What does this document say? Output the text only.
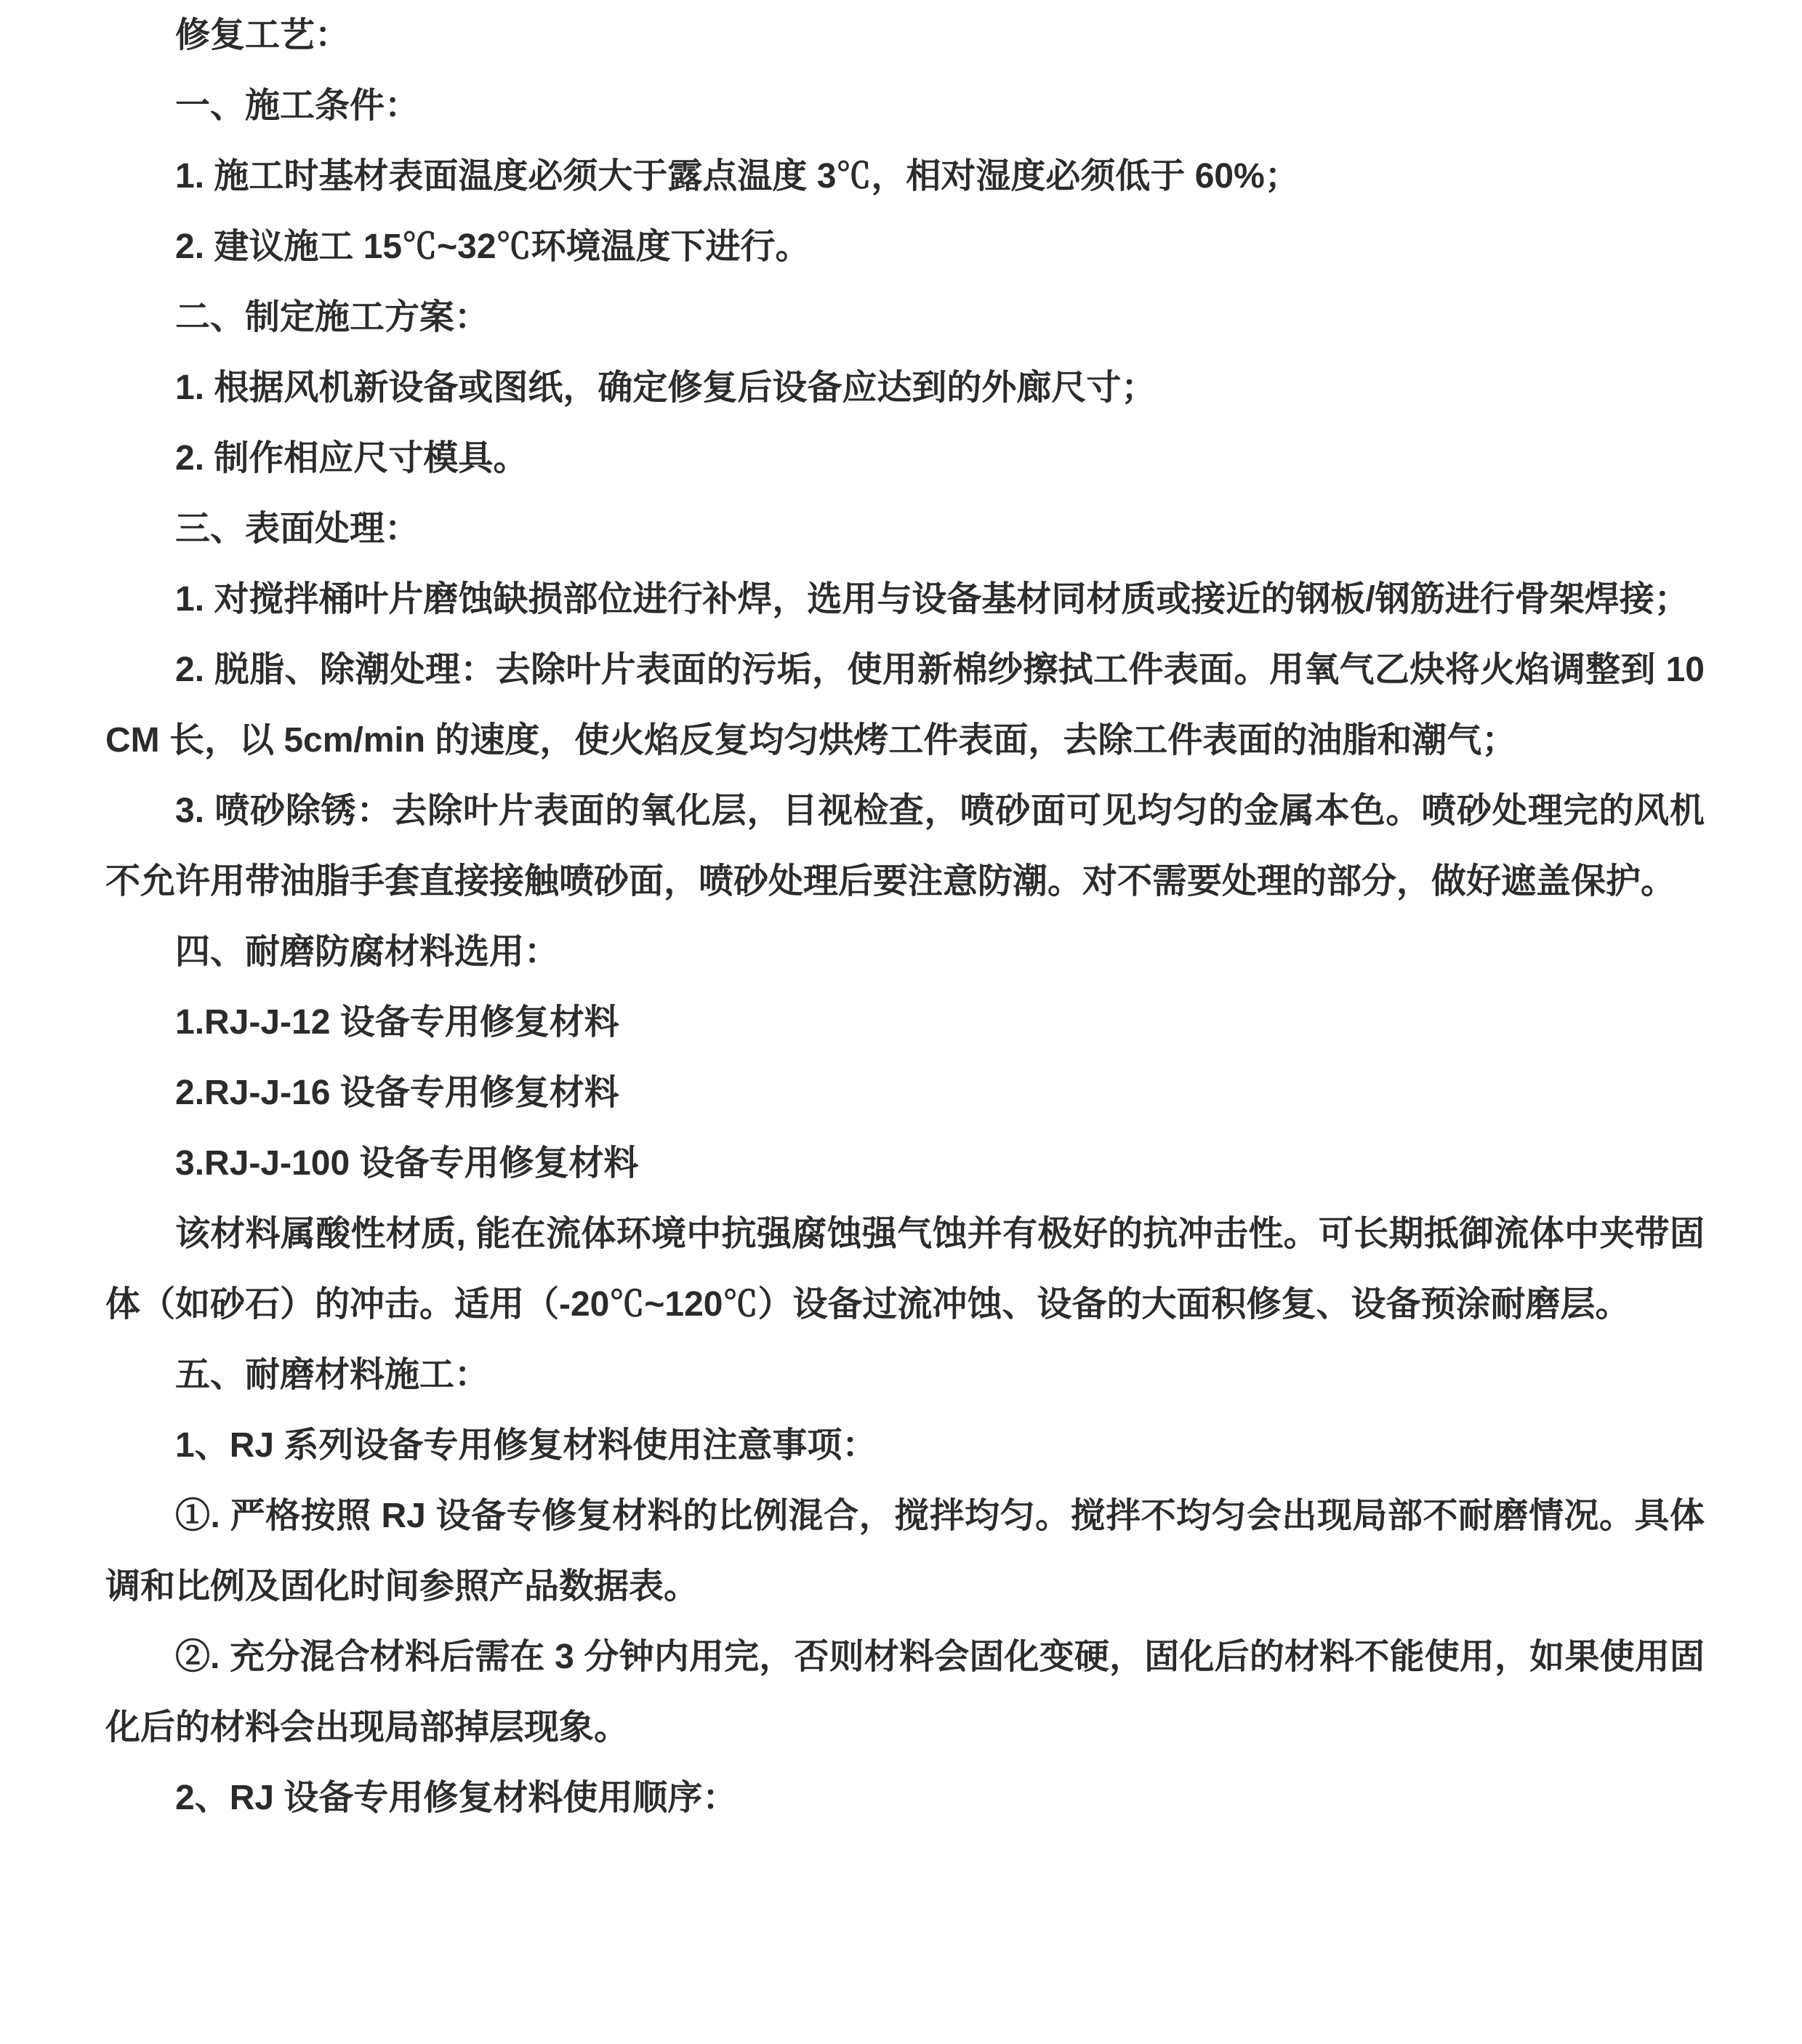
修复工艺：

一、施工条件：

1. 施工时基材表面温度必须大于露点温度 3℃，相对湿度必须低于 60%；

2. 建议施工 15℃~32℃环境温度下进行。

二、制定施工方案：

1. 根据风机新设备或图纸，确定修复后设备应达到的外廊尺寸；

2. 制作相应尺寸模具。

三、表面处理：

1. 对搅拌桶叶片磨蚀缺损部位进行补焊，选用与设备基材同材质或接近的钢板/钢筋进行骨架焊接；

2. 脱脂、除潮处理：去除叶片表面的污垢，使用新棉纱擦拭工件表面。用氧气乙炔将火焰调整到 10CM 长，以 5cm/min 的速度，使火焰反复均匀烘烤工件表面，去除工件表面的油脂和潮气；

3. 喷砂除锈：去除叶片表面的氧化层，目视检查，喷砂面可见均匀的金属本色。喷砂处理完的风机不允许用带油脂手套直接接触喷砂面，喷砂处理后要注意防潮。对不需要处理的部分，做好遮盖保护。

四、耐磨防腐材料选用：

1.RJ-J-12 设备专用修复材料

2.RJ-J-16 设备专用修复材料

3.RJ-J-100 设备专用修复材料

该材料属酸性材质, 能在流体环境中抗强腐蚀强气蚀并有极好的抗冲击性。可长期抵御流体中夹带固体（如砂石）的冲击。适用（-20℃~120℃）设备过流冲蚀、设备的大面积修复、设备预涂耐磨层。

五、耐磨材料施工：

1、RJ 系列设备专用修复材料使用注意事项：

①. 严格按照 RJ 设备专修复材料的比例混合，搅拌均匀。搅拌不均匀会出现局部不耐磨情况。具体调和比例及固化时间参照产品数据表。

②. 充分混合材料后需在 3 分钟内用完，否则材料会固化变硬，固化后的材料不能使用，如果使用固化后的材料会出现局部掉层现象。

2、RJ 设备专用修复材料使用顺序：
